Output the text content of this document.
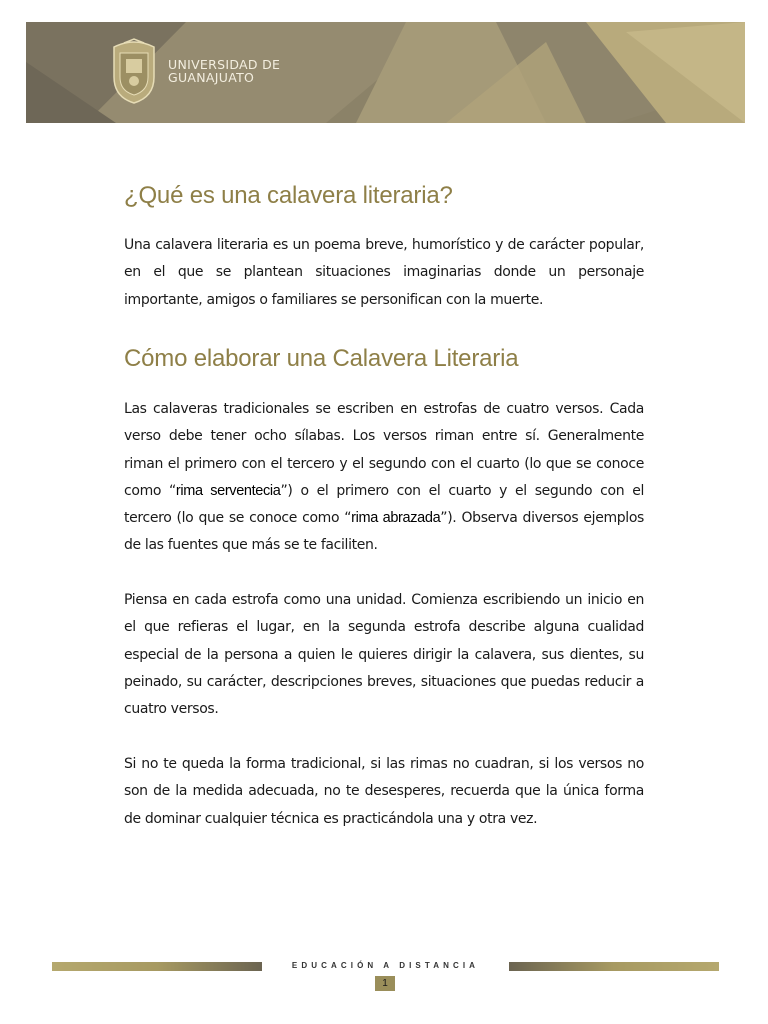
UNIVERSIDAD DE
GUANAJUATO
¿Qué es una calavera literaria?

Una calavera literaria es un poema breve, humorístico y de carácter popular, en el que se plantean situaciones imaginarias donde un personaje importante, amigos o familiares se personifican con la muerte.

Cómo elaborar una Calavera Literaria

Las calaveras tradicionales se escriben en estrofas de cuatro versos. Cada verso debe tener ocho sílabas. Los versos riman entre sí. Generalmente riman el primero con el tercero y el segundo con el cuarto (lo que se conoce como “rima serventecia”) o el primero con el cuarto y el segundo con el tercero (lo que se conoce como “rima abrazada”). Observa diversos ejemplos de las fuentes que más se te faciliten.

Piensa en cada estrofa como una unidad. Comienza escribiendo un inicio en el que refieras el lugar, en la segunda estrofa describe alguna cualidad especial de la persona a quien le quieres dirigir la calavera, sus dientes, su peinado, su carácter, descripciones breves, situaciones que puedas reducir a cuatro versos.

Si no te queda la forma tradicional, si las rimas no cuadran, si los versos no son de la medida adecuada, no te desesperes, recuerda que la única forma de dominar cualquier técnica es practicándola una y otra vez.

EDUCACIÓN A DISTANCIA
1
